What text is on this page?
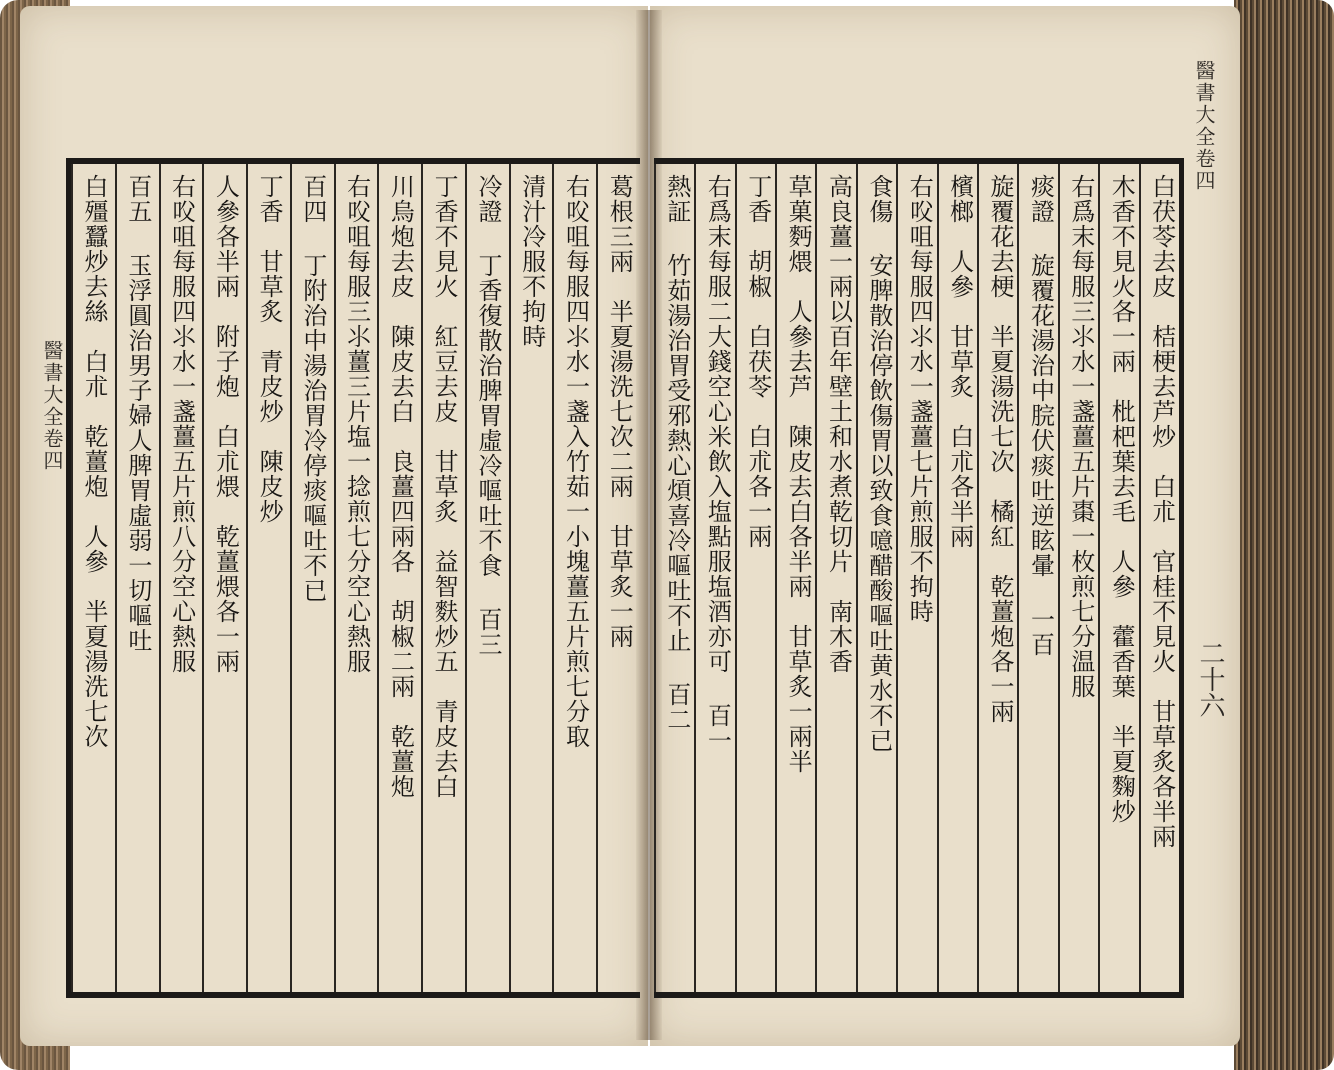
醫書大全卷四
醫書大全卷四
二十六
葛根三兩　半夏湯洗七次二兩　甘草炙一兩
右㕮咀每服四⺢水一盞入竹茹一小塊薑五片煎七分取
清汁冷服不拘時
冷證 丁香復散治脾胃虛冷嘔吐不食 百三
丁香不見火　紅豆去皮　甘草炙　益智麩炒五　青皮去白
川烏炮去皮　陳皮去白　良薑四兩各　胡椒二兩　乾薑炮
右㕮咀每服三⺢薑三片塩一捻煎七分空心熱服
百四 丁附治中湯治胃冷停痰嘔吐不已
丁香　甘草炙　青皮炒　陳皮炒
人參各半兩　附子炮　白朮煨　乾薑煨各一兩
右㕮咀每服四⺢水一盞薑五片煎八分空心熱服
百五 玉浮圓治男子婦人脾胃虛弱一切嘔吐
白殭蠶炒去絲　白朮　乾薑炮　人參　半夏湯洗七次	白茯苓去皮　桔梗去芦炒　白朮　官桂不見火　甘草炙各半兩
木香不見火各一兩　枇杷葉去毛　人參　藿香葉　半夏麴炒
右爲末每服三⺢水一盞薑五片棗一枚煎七分温服
痰證 旋覆花湯治中脘伏痰吐逆眩暈 一百
旋覆花去梗　半夏湯洗七次　橘紅　乾薑炮各一兩
檳榔　人參　甘草炙　白朮各半兩
右㕮咀每服四⺢水一盞薑七片煎服不拘時
食傷 安脾散治停飲傷胃以致食噫醋酸嘔吐黄水不已
高良薑一兩以百年壁土和水煮乾切片　南木香
草菓麪煨　人參去芦　陳皮去白各半兩　甘草炙一兩半
丁香　胡椒　白茯苓　白朮各一兩
右爲末每服二大錢空心米飲入塩點服塩酒亦可 百一
熱証 竹茹湯治胃受邪熱心煩喜冷嘔吐不止 百二
